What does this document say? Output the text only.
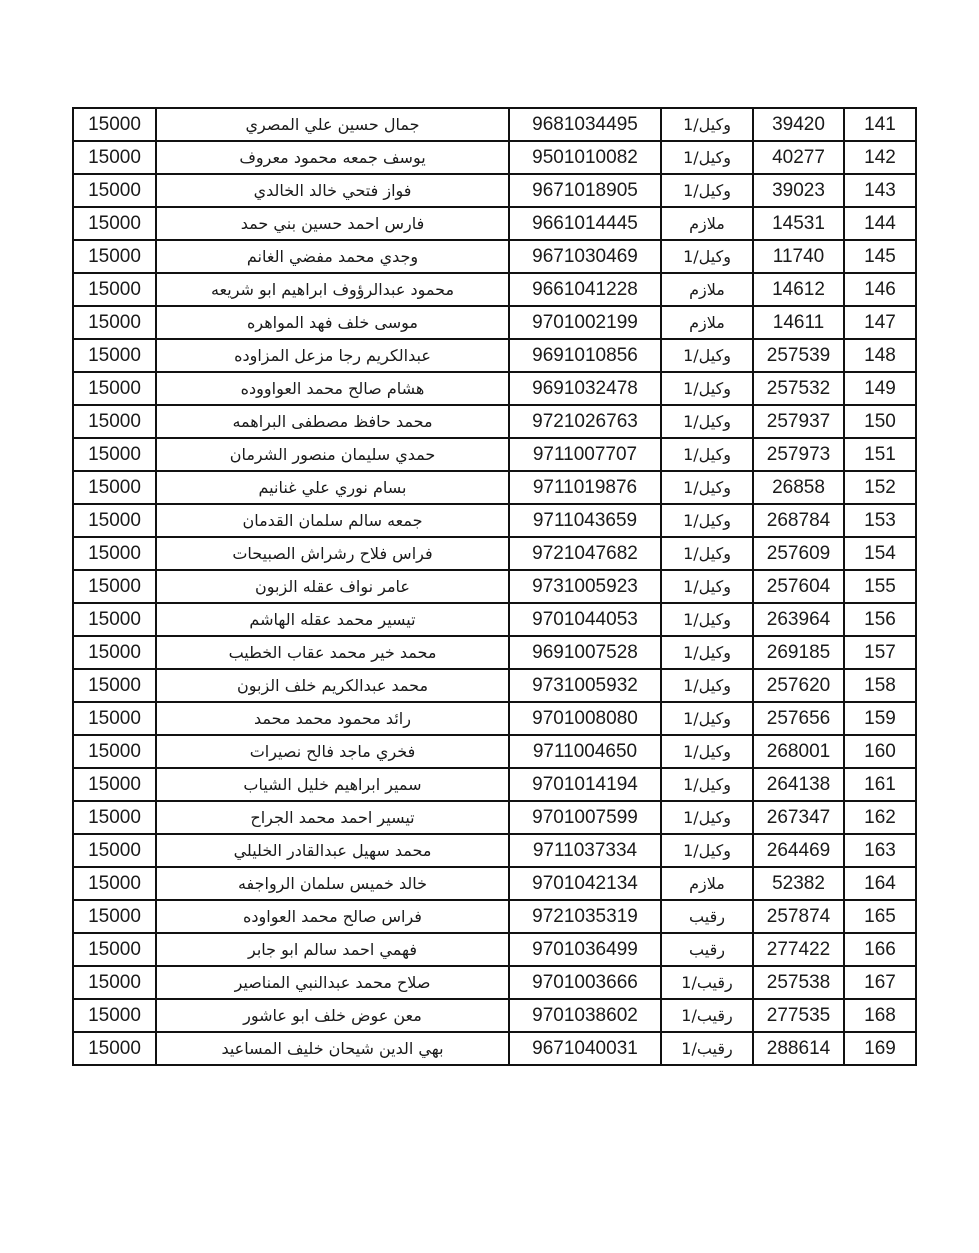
15000	جمال حسين علي المصري	9681034495	وكيل/1	39420	141
15000	يوسف جمعه محمود معروف	9501010082	وكيل/1	40277	142
15000	فواز فتحي خالد الخالدي	9671018905	وكيل/1	39023	143
15000	فارس احمد حسين بني حمد	9661014445	ملازم	14531	144
15000	وجدي محمد مفضي الغانم	9671030469	وكيل/1	11740	145
15000	محمود عبدالرؤوف ابراهيم ابو شريعه	9661041228	ملازم	14612	146
15000	موسى خلف فهد المواهره	9701002199	ملازم	14611	147
15000	عبدالكريم رجا مزعل المزاوده	9691010856	وكيل/1	257539	148
15000	هشام صالح محمد العواووده	9691032478	وكيل/1	257532	149
15000	محمد حافظ مصطفى البراهمه	9721026763	وكيل/1	257937	150
15000	حمدي سليمان منصور الشرمان	9711007707	وكيل/1	257973	151
15000	بسام نوري علي غنانيم	9711019876	وكيل/1	26858	152
15000	جمعه سالم سلمان القدمان	9711043659	وكيل/1	268784	153
15000	فراس فلاح رشراش الصبيحات	9721047682	وكيل/1	257609	154
15000	عامر نواف عقله الزبون	9731005923	وكيل/1	257604	155
15000	تيسير محمد عقله الهاشم	9701044053	وكيل/1	263964	156
15000	محمد خير محمد عقاب الخطيب	9691007528	وكيل/1	269185	157
15000	محمد عبدالكريم خلف الزبون	9731005932	وكيل/1	257620	158
15000	رائد محمود محمد محمد	9701008080	وكيل/1	257656	159
15000	فخري ماجد فالح نصيرات	9711004650	وكيل/1	268001	160
15000	سمير ابراهيم خليل الشياب	9701014194	وكيل/1	264138	161
15000	تيسير احمد محمد الجراح	9701007599	وكيل/1	267347	162
15000	محمد سهيل عبدالقادر الخليلي	9711037334	وكيل/1	264469	163
15000	خالد خميس سلمان الرواجفه	9701042134	ملازم	52382	164
15000	فراس صالح محمد العواوده	9721035319	رقيب	257874	165
15000	فهمي احمد سالم ابو جابر	9701036499	رقيب	277422	166
15000	صلاح محمد عبدالنبي المناصير	9701003666	رقيب/1	257538	167
15000	معن عوض خلف ابو عاشور	9701038602	رقيب/1	277535	168
15000	بهي الدين شيحان خليف المساعيد	9671040031	رقيب/1	288614	169
